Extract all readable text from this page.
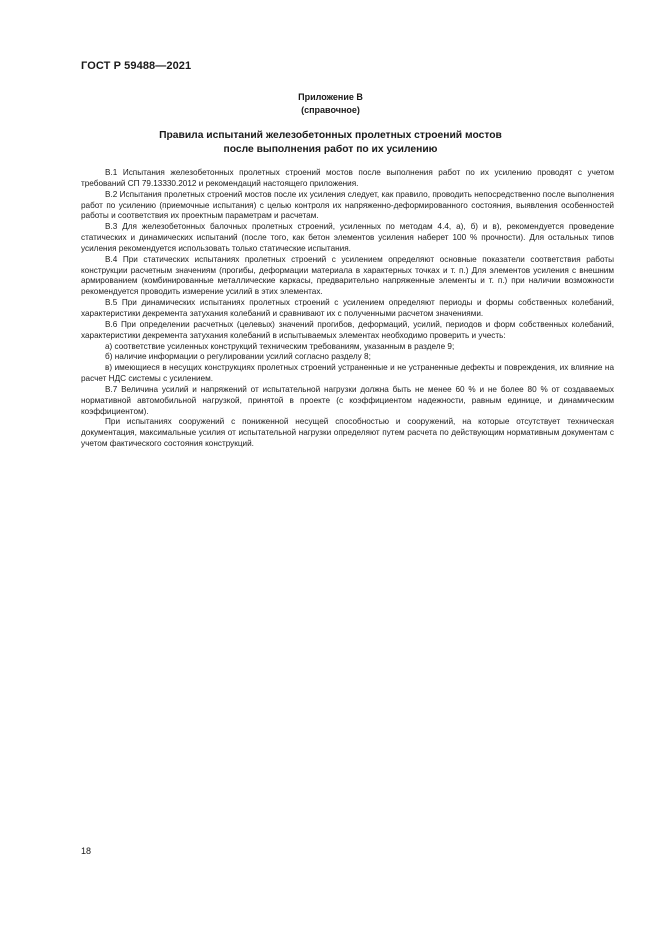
ГОСТ Р 59488—2021
Приложение В
(справочное)
Правила испытаний железобетонных пролетных строений мостов
после выполнения работ по их усилению

В.1 Испытания железобетонных пролетных строений мостов после выполнения работ по их усилению проводят с учетом требований СП 79.13330.2012 и рекомендаций настоящего приложения.

В.2 Испытания пролетных строений мостов после их усиления следует, как правило, проводить непосредственно после выполнения работ по усилению (приемочные испытания) с целью контроля их напряженно-деформированного состояния, выявления особенностей работы и соответствия их проектным параметрам и расчетам.

В.3 Для железобетонных балочных пролетных строений, усиленных по методам 4.4, а), б) и в), рекомендуется проведение статических и динамических испытаний (после того, как бетон элементов усиления наберет 100 % прочности). Для остальных типов усиления рекомендуется использовать только статические испытания.

В.4 При статических испытаниях пролетных строений с усилением определяют основные показатели соответствия работы конструкции расчетным значениям (прогибы, деформации материала в характерных точках и т. п.) Для элементов усиления с внешним армированием (комбинированные металлические каркасы, предварительно напряженные элементы и т. п.) при наличии возможности рекомендуется проводить измерение усилий в этих элементах.

В.5 При динамических испытаниях пролетных строений с усилением определяют периоды и формы собственных колебаний, характеристики декремента затухания колебаний и сравнивают их с полученными расчетом значениями.

В.6 При определении расчетных (целевых) значений прогибов, деформаций, усилий, периодов и форм собственных колебаний, характеристики декремента затухания колебаний в испытываемых элементах необходимо проверить и учесть:

а) соответствие усиленных конструкций техническим требованиям, указанным в разделе 9;

б) наличие информации о регулировании усилий согласно разделу 8;

в) имеющиеся в несущих конструкциях пролетных строений устраненные и не устраненные дефекты и повреждения, их влияние на расчет НДС системы с усилением.

В.7 Величина усилий и напряжений от испытательной нагрузки должна быть не менее 60 % и не более 80 % от создаваемых нормативной автомобильной нагрузкой, принятой в проекте (с коэффициентом надежности, равным единице, и динамическим коэффициентом).

При испытаниях сооружений с пониженной несущей способностью и сооружений, на которые отсутствует техническая документация, максимальные усилия от испытательной нагрузки определяют путем расчета по действующим нормативным документам с учетом фактического состояния конструкций.

18
